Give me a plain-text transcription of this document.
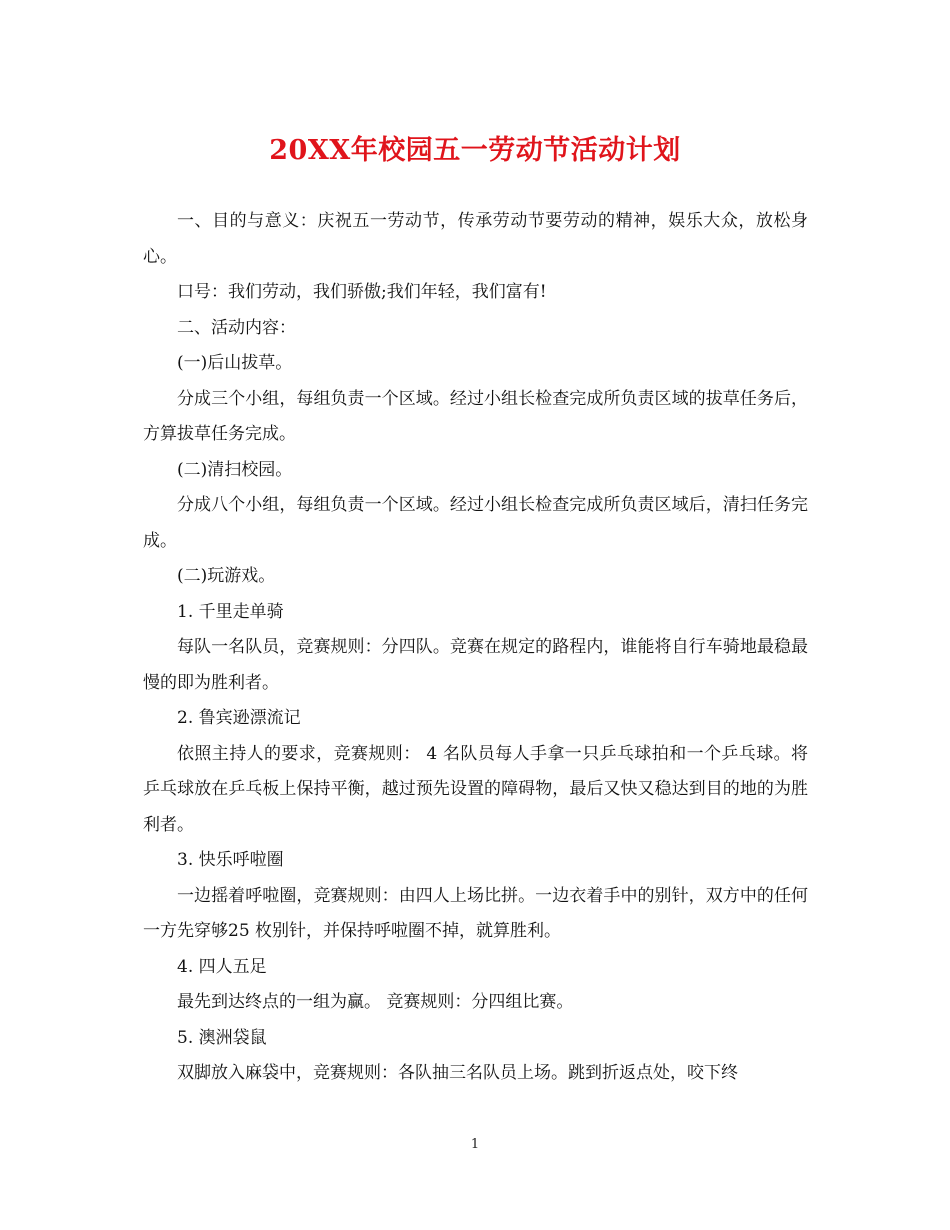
20XX年校园五一劳动节活动计划

一、目的与意义：庆祝五一劳动节，传承劳动节要劳动的精神，娱乐大众，放松身心。

口号：我们劳动，我们骄傲;我们年轻，我们富有!

二、活动内容：

(一)后山拔草。

分成三个小组，每组负责一个区域。经过小组长检查完成所负责区域的拔草任务后，方算拔草任务完成。

(二)清扫校园。

分成八个小组，每组负责一个区域。经过小组长检查完成所负责区域后，清扫任务完成。

(二)玩游戏。

1. 千里走单骑

每队一名队员，竞赛规则：分四队。竞赛在规定的路程内，谁能将自行车骑地最稳最慢的即为胜利者。

2. 鲁宾逊漂流记

依照主持人的要求，竞赛规则： 4 名队员每人手拿一只乒乓球拍和一个乒乓球。将乒乓球放在乒乓板上保持平衡，越过预先设置的障碍物，最后又快又稳达到目的地的为胜利者。

3. 快乐呼啦圈

一边摇着呼啦圈，竞赛规则：由四人上场比拼。一边衣着手中的别针，双方中的任何一方先穿够25 枚别针，并保持呼啦圈不掉，就算胜利。

4. 四人五足

最先到达终点的一组为赢。 竞赛规则：分四组比赛。

5. 澳洲袋鼠

双脚放入麻袋中，竞赛规则：各队抽三名队员上场。跳到折返点处，咬下终

1
